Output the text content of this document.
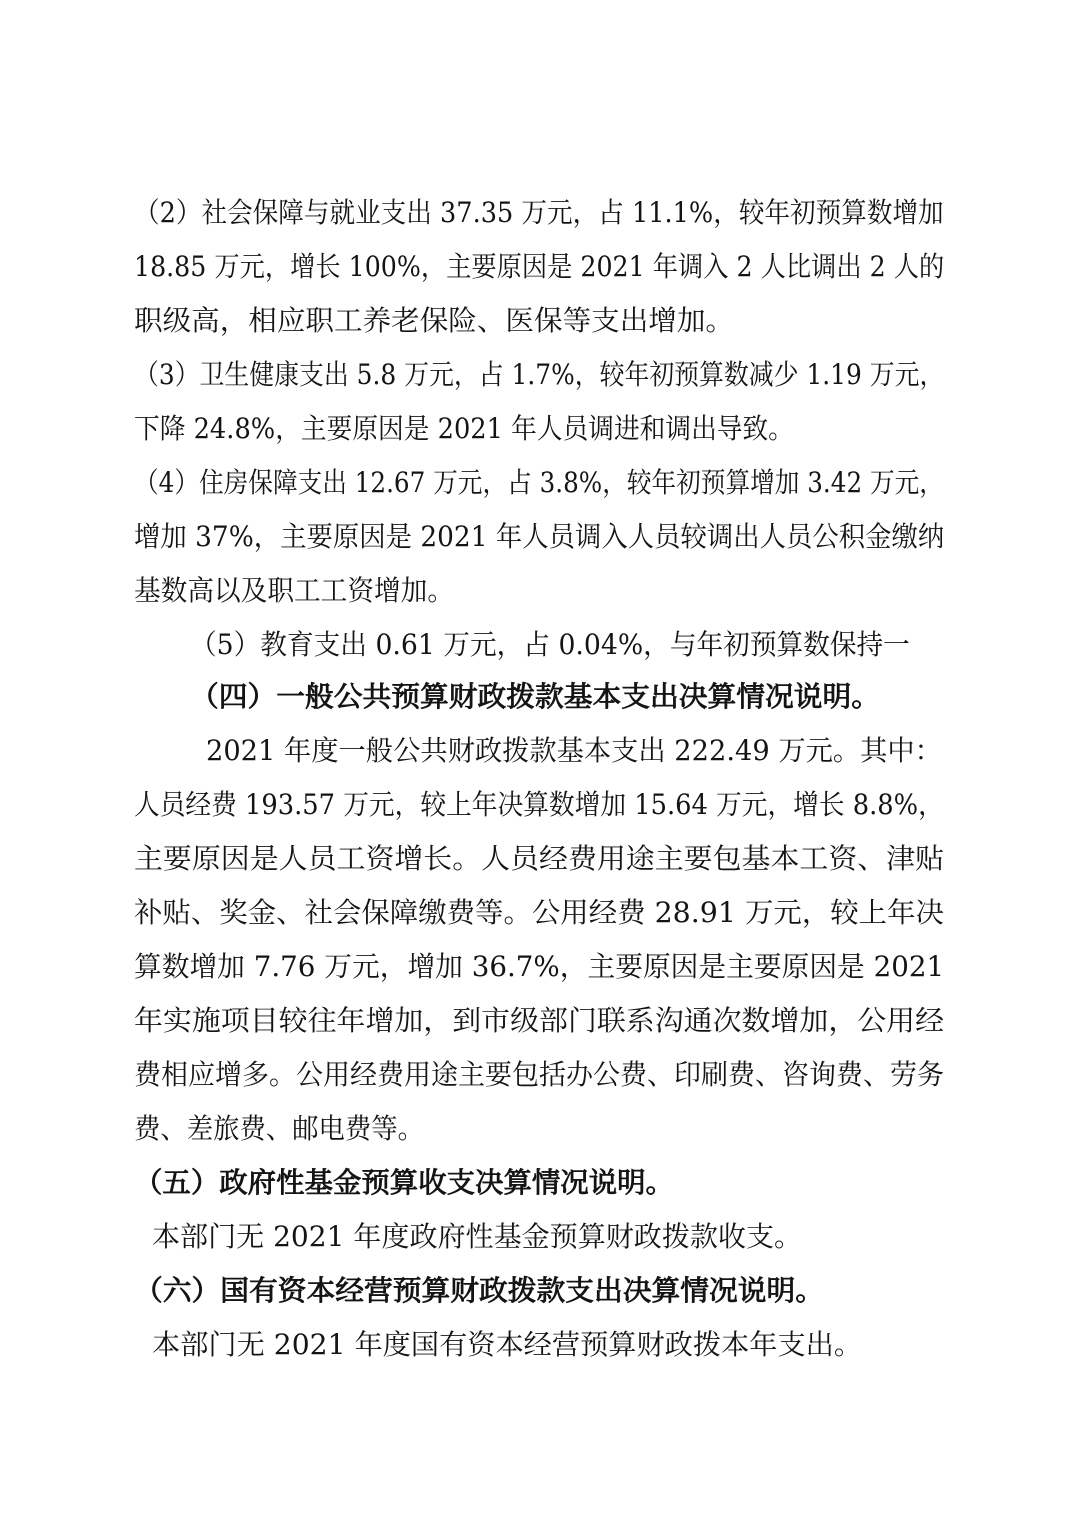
（2）社会保障与就业支出 37.35 万元，占 11.1%，较年初预算数增加
18.85 万元，增长 100%，主要原因是 2021 年调入 2 人比调出 2 人的
职级高，相应职工养老保险、医保等支出增加。
（3）卫生健康支出 5.8 万元，占 1.7%，较年初预算数减少 1.19 万元，
下降 24.8%，主要原因是 2021 年人员调进和调出导致。
（4）住房保障支出 12.67 万元，占 3.8%，较年初预算增加 3.42 万元，
增加 37%，主要原因是 2021 年人员调入人员较调出人员公积金缴纳
基数高以及职工工资增加。
（5）教育支出 0.61 万元，占 0.04%，与年初预算数保持一
（四）一般公共预算财政拨款基本支出决算情况说明。
2021 年度一般公共财政拨款基本支出 222.49 万元。其中：
人员经费 193.57 万元，较上年决算数增加 15.64 万元，增长 8.8%，
主要原因是人员工资增长。人员经费用途主要包基本工资、津贴
补贴、奖金、社会保障缴费等。公用经费 28.91 万元，较上年决
算数增加 7.76 万元，增加 36.7%，主要原因是主要原因是 2021
年实施项目较往年增加，到市级部门联系沟通次数增加，公用经
费相应增多。公用经费用途主要包括办公费、印刷费、咨询费、劳务
费、差旅费、邮电费等。
（五）政府性基金预算收支决算情况说明。
本部门无 2021 年度政府性基金预算财政拨款收支。
（六）国有资本经营预算财政拨款支出决算情况说明。
本部门无 2021 年度国有资本经营预算财政拨本年支出。
